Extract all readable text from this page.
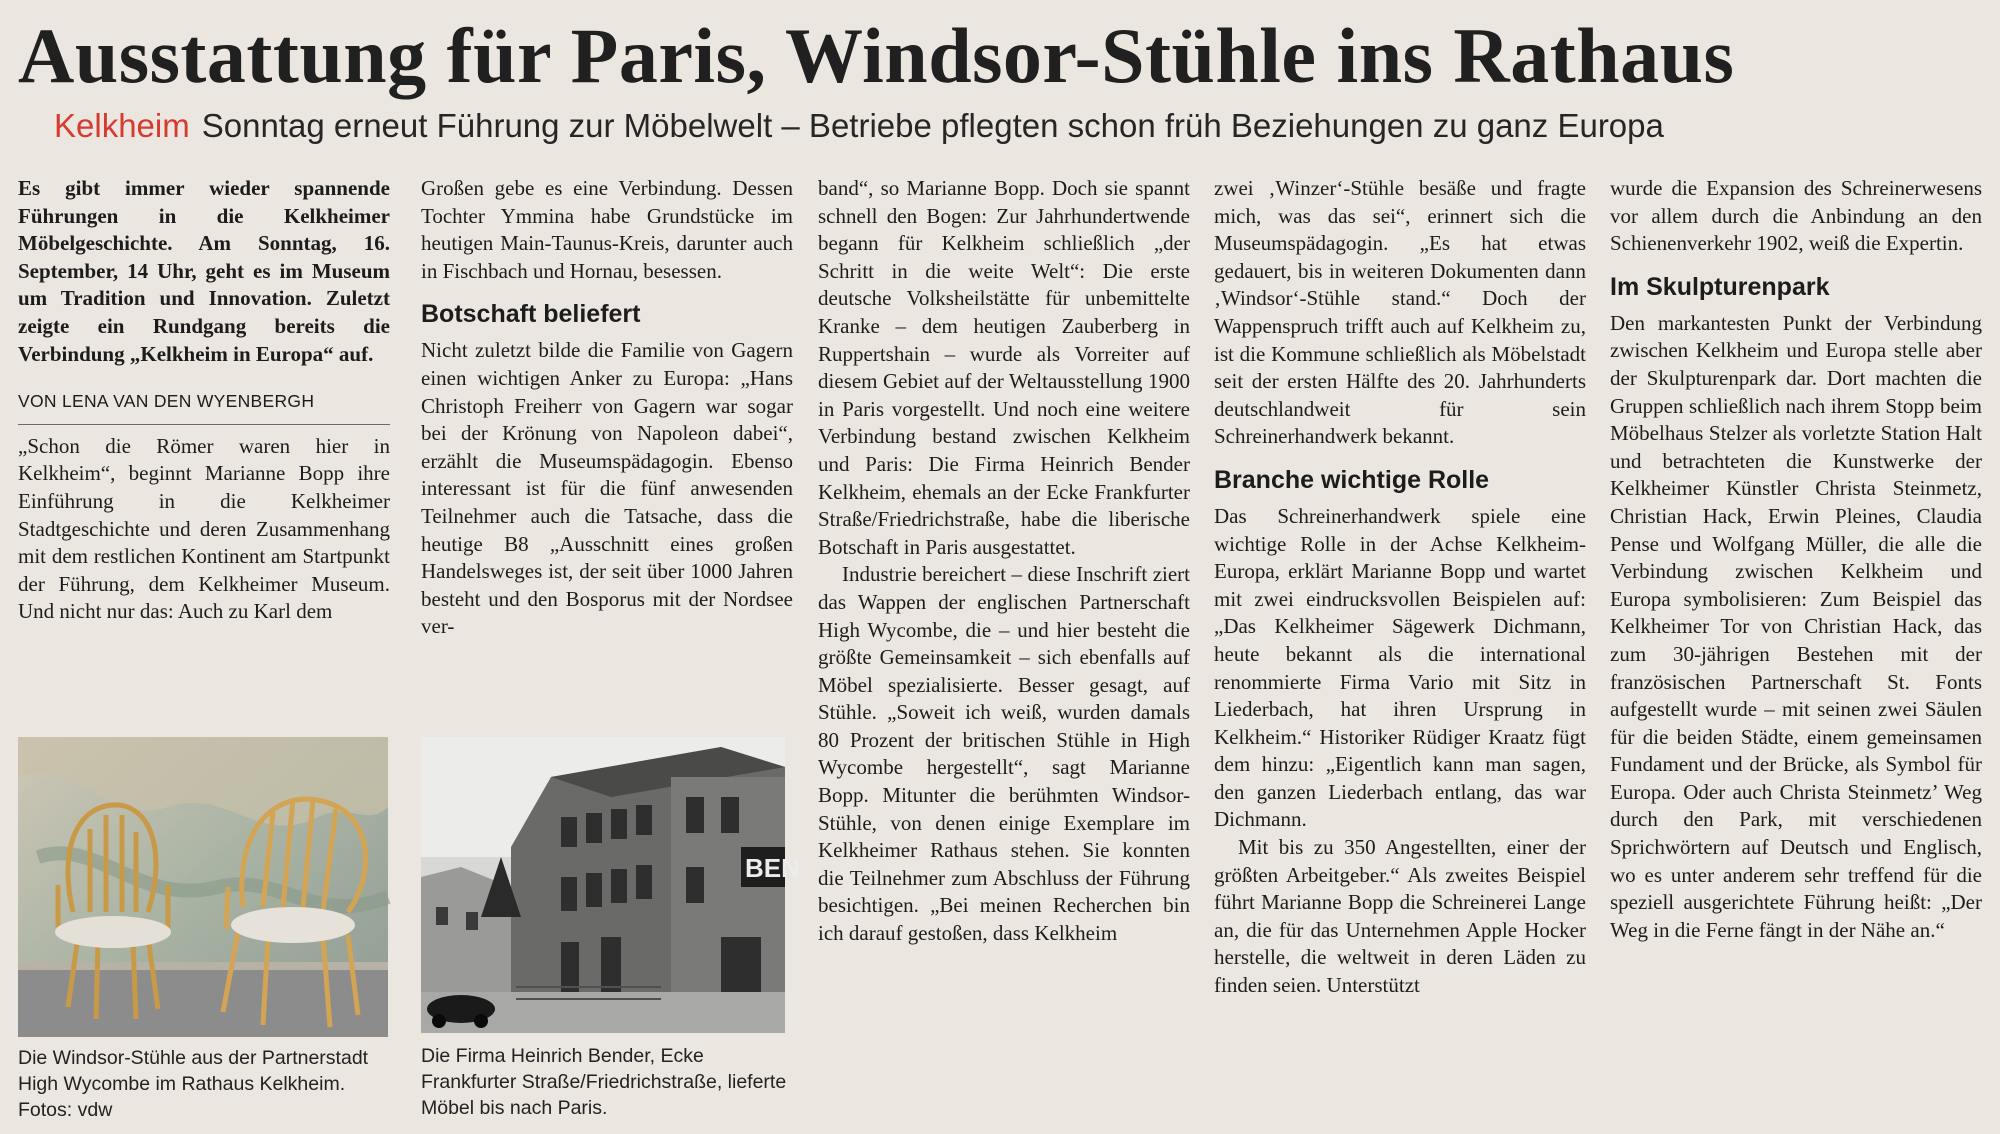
Ausstattung für Paris, Windsor-Stühle ins Rathaus
Kelkheim Sonntag erneut Führung zur Möbelwelt – Betriebe pflegten schon früh Beziehungen zu ganz Europa

Es gibt immer wieder spannende Führungen in die Kelkheimer Möbelgeschichte. Am Sonntag, 16. September, 14 Uhr, geht es im Museum um Tradition und Innovation. Zuletzt zeigte ein Rundgang bereits die Verbindung „Kelkheim in Europa“ auf.

VON LENA VAN DEN WYENBERGH

„Schon die Römer waren hier in Kelkheim“, beginnt Marianne Bopp ihre Einführung in die Kelkheimer Stadtgeschichte und deren Zusammenhang mit dem restlichen Kontinent am Startpunkt der Führung, dem Kelkheimer Museum. Und nicht nur das: Auch zu Karl dem

Großen gebe es eine Verbindung. Dessen Tochter Ymmina habe Grundstücke im heutigen Main-Taunus-Kreis, darunter auch in Fischbach und Hornau, besessen.

Botschaft beliefert

Nicht zuletzt bilde die Familie von Gagern einen wichtigen Anker zu Europa: „Hans Christoph Freiherr von Gagern war sogar bei der Krönung von Napoleon dabei“, erzählt die Museumspädagogin. Ebenso interessant ist für die fünf anwesenden Teilnehmer auch die Tatsache, dass die heutige B8 „Ausschnitt eines großen Handelsweges ist, der seit über 1000 Jahren besteht und den Bosporus mit der Nordsee ver-

band“, so Marianne Bopp. Doch sie spannt schnell den Bogen: Zur Jahrhundertwende begann für Kelkheim schließlich „der Schritt in die weite Welt“: Die erste deutsche Volksheilstätte für unbemittelte Kranke – dem heutigen Zauberberg in Ruppertshain – wurde als Vorreiter auf diesem Gebiet auf der Weltausstellung 1900 in Paris vorgestellt. Und noch eine weitere Verbindung bestand zwischen Kelkheim und Paris: Die Firma Heinrich Bender Kelkheim, ehemals an der Ecke Frankfurter Straße/Friedrichstraße, habe die liberische Botschaft in Paris ausgestattet.

Industrie bereichert – diese Inschrift ziert das Wappen der englischen Partnerschaft High Wycombe, die – und hier besteht die größte Gemeinsamkeit – sich ebenfalls auf Möbel spezialisierte. Besser gesagt, auf Stühle. „Soweit ich weiß, wurden damals 80 Prozent der britischen Stühle in High Wycombe hergestellt“, sagt Marianne Bopp. Mitunter die berühmten Windsor-Stühle, von denen einige Exemplare im Kelkheimer Rathaus stehen. Sie konnten die Teilnehmer zum Abschluss der Führung besichtigen. „Bei meinen Recherchen bin ich darauf gestoßen, dass Kelkheim

zwei ‚Winzer‘-Stühle besäße und fragte mich, was das sei“, erinnert sich die Museumspädagogin. „Es hat etwas gedauert, bis in weiteren Dokumenten dann ‚Windsor‘-Stühle stand.“ Doch der Wappenspruch trifft auch auf Kelkheim zu, ist die Kommune schließlich als Möbelstadt seit der ersten Hälfte des 20. Jahrhunderts deutschlandweit für sein Schreinerhandwerk bekannt.

Branche wichtige Rolle

Das Schreinerhandwerk spiele eine wichtige Rolle in der Achse Kelkheim-Europa, erklärt Marianne Bopp und wartet mit zwei eindrucksvollen Beispielen auf: „Das Kelkheimer Sägewerk Dichmann, heute bekannt als die international renommierte Firma Vario mit Sitz in Liederbach, hat ihren Ursprung in Kelkheim.“ Historiker Rüdiger Kraatz fügt dem hinzu: „Eigentlich kann man sagen, den ganzen Liederbach entlang, das war Dichmann.

Mit bis zu 350 Angestellten, einer der größten Arbeitgeber.“ Als zweites Beispiel führt Marianne Bopp die Schreinerei Lange an, die für das Unternehmen Apple Hocker herstelle, die weltweit in deren Läden zu finden seien. Unterstützt

wurde die Expansion des Schreinerwesens vor allem durch die Anbindung an den Schienenverkehr 1902, weiß die Expertin.

Im Skulpturenpark

Den markantesten Punkt der Verbindung zwischen Kelkheim und Europa stelle aber der Skulpturenpark dar. Dort machten die Gruppen schließlich nach ihrem Stopp beim Möbelhaus Stelzer als vorletzte Station Halt und betrachteten die Kunstwerke der Kelkheimer Künstler Christa Steinmetz, Christian Hack, Erwin Pleines, Claudia Pense und Wolfgang Müller, die alle die Verbindung zwischen Kelkheim und Europa symbolisieren: Zum Beispiel das Kelkheimer Tor von Christian Hack, das zum 30-jährigen Bestehen mit der französischen Partnerschaft St. Fonts aufgestellt wurde – mit seinen zwei Säulen für die beiden Städte, einem gemeinsamen Fundament und der Brücke, als Symbol für Europa. Oder auch Christa Steinmetz’ Weg durch den Park, mit verschiedenen Sprichwörtern auf Deutsch und Englisch, wo es unter anderem sehr treffend für die speziell ausgerichtete Führung heißt: „Der Weg in die Ferne fängt in der Nähe an.“

Die Windsor-Stühle aus der Partnerstadt High Wycombe im Rathaus Kelkheim. Fotos: vdw
BEN
Die Firma Heinrich Bender, Ecke Frankfurter Straße/Friedrichstraße, lieferte Möbel bis nach Paris.
